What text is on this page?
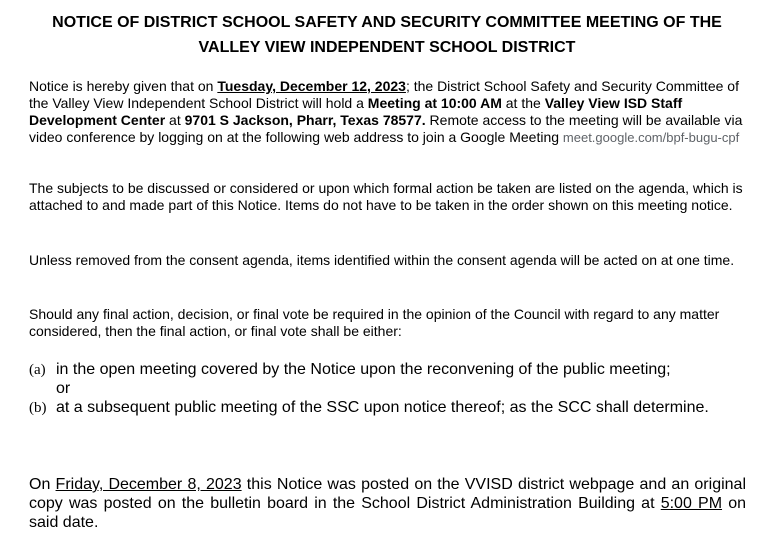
NOTICE OF DISTRICT SCHOOL SAFETY AND SECURITY COMMITTEE MEETING OF THE
VALLEY VIEW INDEPENDENT SCHOOL DISTRICT
Notice is hereby given that on Tuesday, December 12, 2023; the District School Safety and Security Committee of the Valley View Independent School District will hold a Meeting at 10:00 AM at the Valley View ISD Staff Development Center at 9701 S Jackson, Pharr, Texas 78577. Remote access to the meeting will be available via video conference by logging on at the following web address to join a Google Meeting meet.google.com/bpf-bugu-cpf
The subjects to be discussed or considered or upon which formal action be taken are listed on the agenda, which is attached to and made part of this Notice. Items do not have to be taken in the order shown on this meeting notice.
Unless removed from the consent agenda, items identified within the consent agenda will be acted on at one time.
Should any final action, decision, or final vote be required in the opinion of the Council with regard to any matter considered, then the final action, or final vote shall be either:
(a) in the open meeting covered by the Notice upon the reconvening of the public meeting;
or
(b) at a subsequent public meeting of the SSC upon notice thereof; as the SCC shall determine.
On Friday, December 8, 2023 this Notice was posted on the VVISD district webpage and an original copy was posted on the bulletin board in the School District Administration Building at 5:00 PM on said date.
